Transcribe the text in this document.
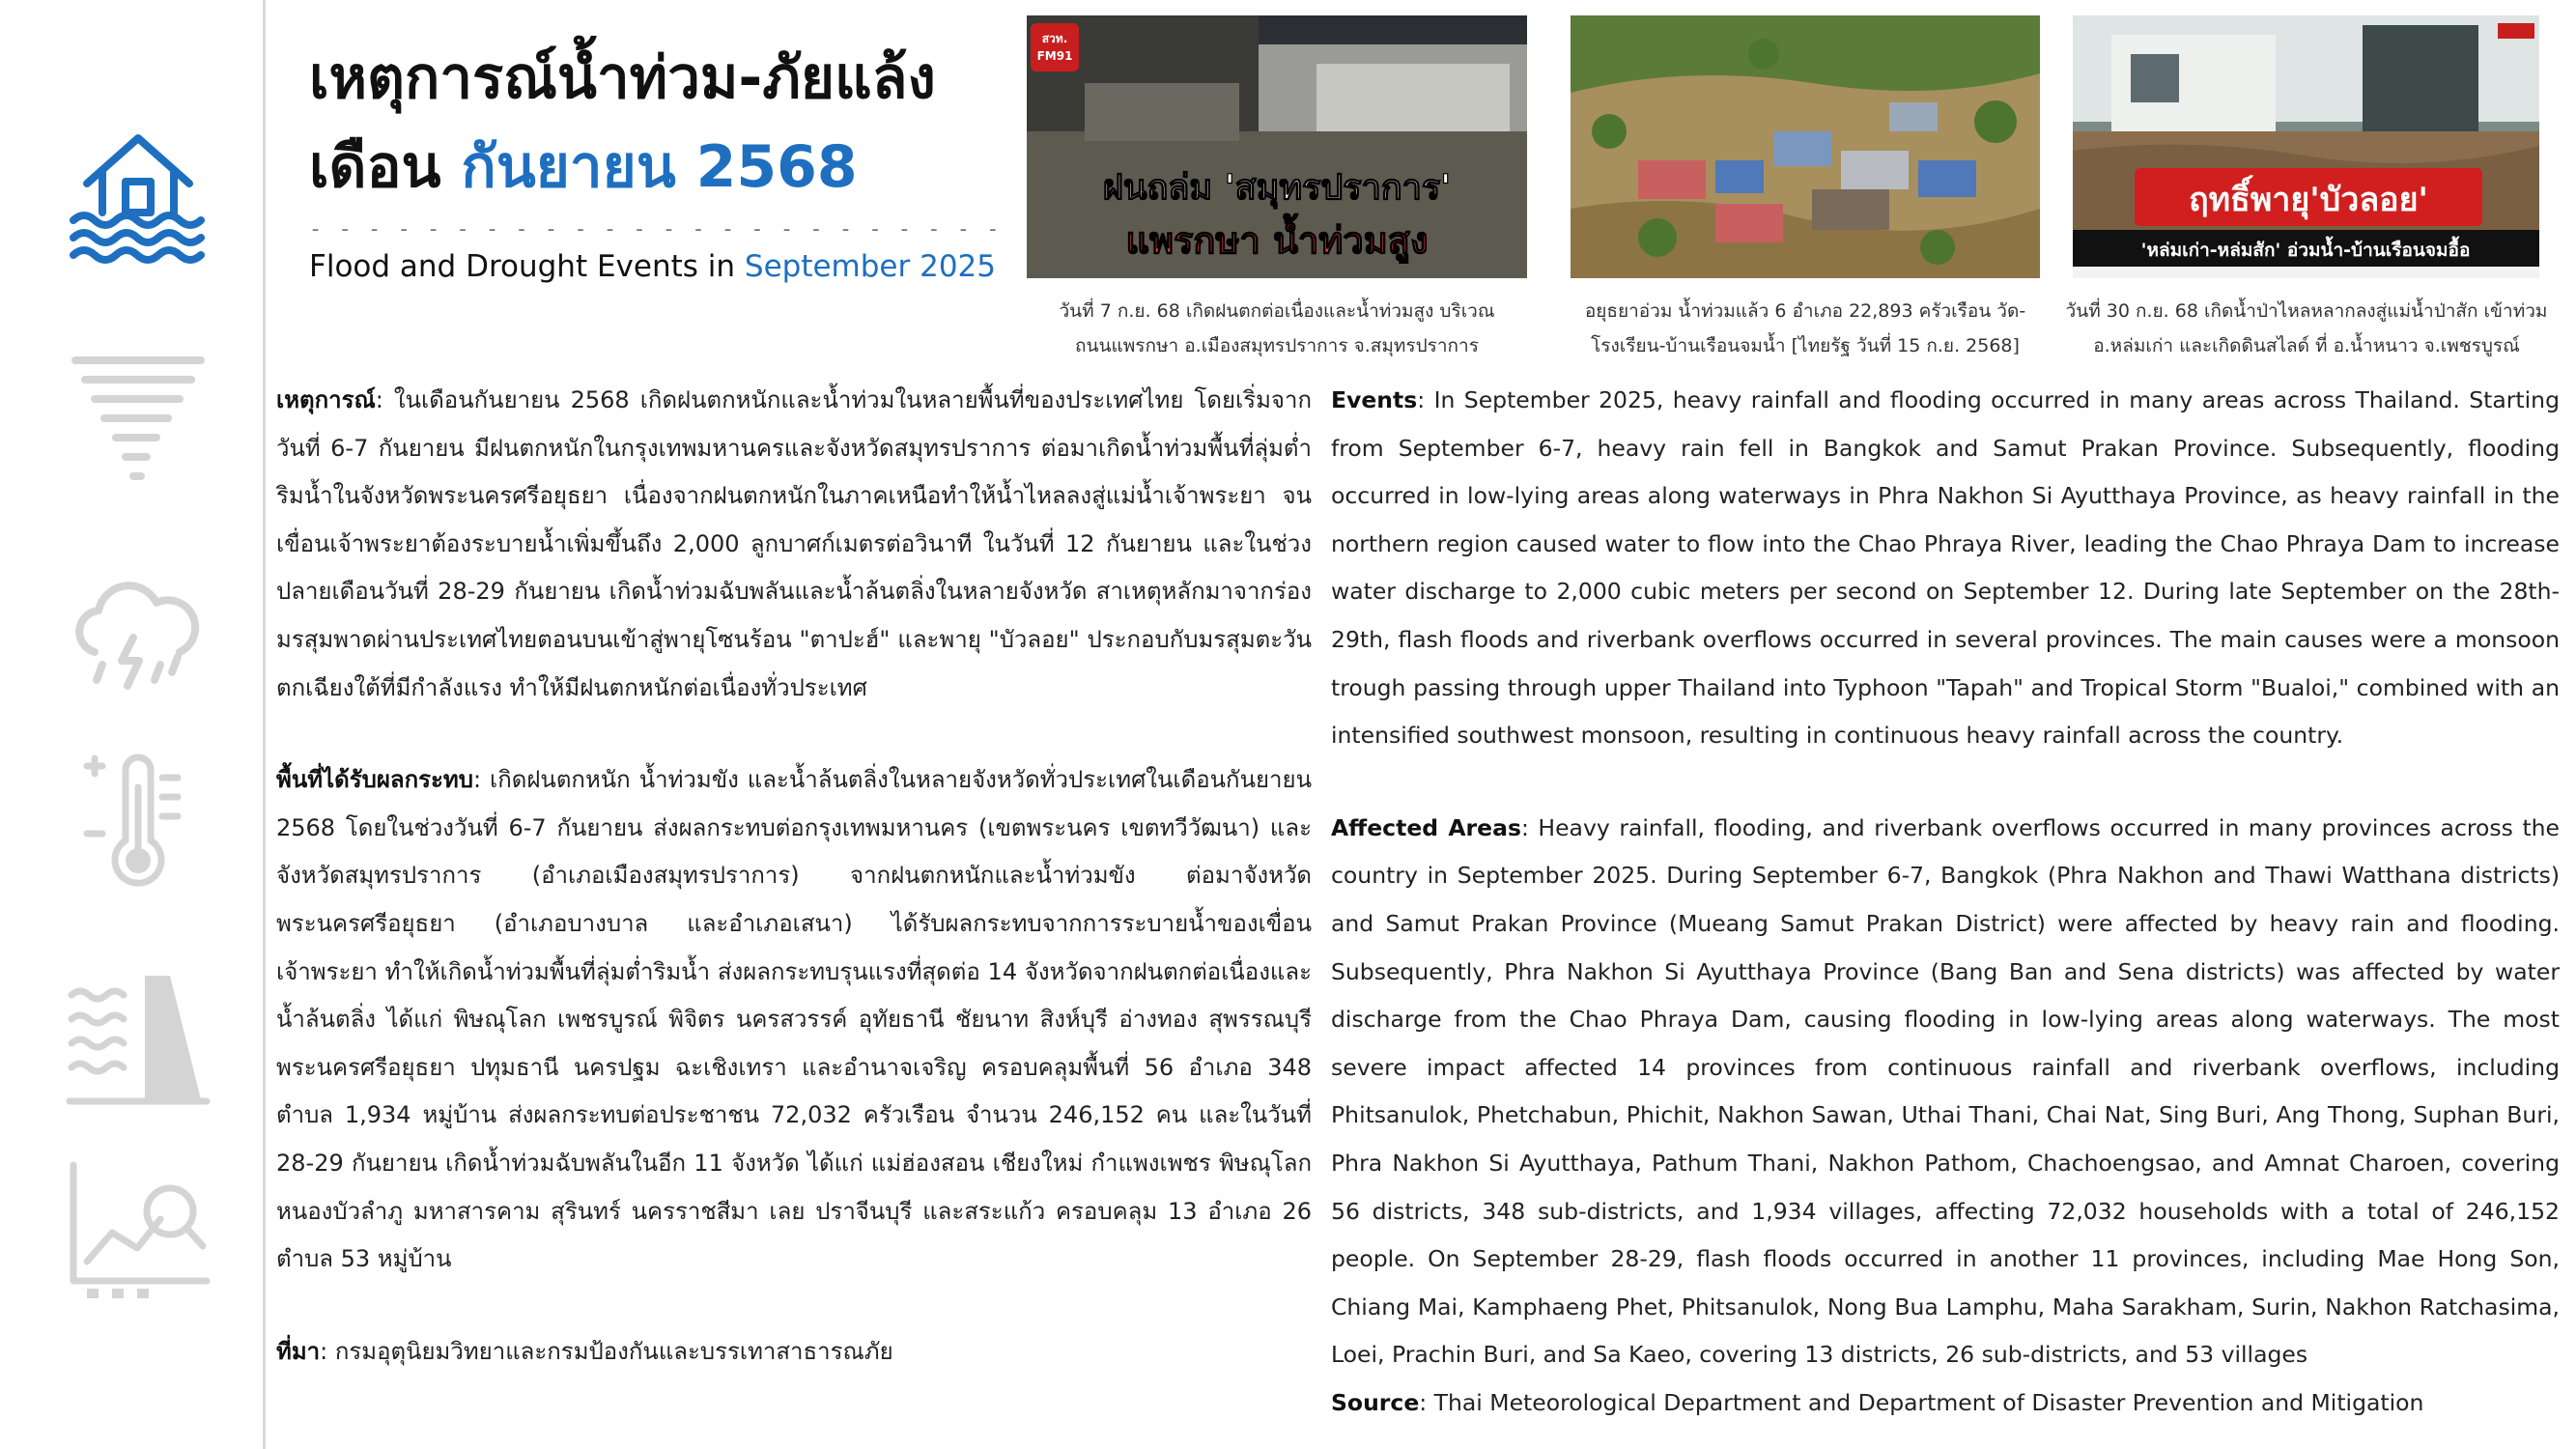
เหตุการณ์น้ำท่วม-ภัยแล้ง
เดือน กันยายน 2568
- - - - - - - - - - - - - - - - - - - - - - - -
Flood and Drought Events in September 2025
สวท.
FM91
ฝนถล่ม 'สมุทรปราการ'
แพรกษา น้ำท่วมสูง
วันที่ 7 ก.ย. 68 เกิดฝนตกต่อเนื่องและน้ำท่วมสูง บริเวณ
ถนนแพรกษา อ.เมืองสมุทรปราการ จ.สมุทรปราการ
อยุธยาอ่วม น้ำท่วมแล้ว 6 อำเภอ 22,893 ครัวเรือน วัด-
โรงเรียน-บ้านเรือนจมน้ำ [ไทยรัฐ วันที่ 15 ก.ย. 2568]
ฤทธิ์พายุ'บัวลอย'
'หล่มเก่า-หล่มสัก' อ่วมน้ำ-บ้านเรือนจมอื้อ
วันที่ 30 ก.ย. 68 เกิดน้ำป่าไหลหลากลงสู่แม่น้ำป่าสัก เข้าท่วม
อ.หล่มเก่า และเกิดดินสไลด์ ที่ อ.น้ำหนาว จ.เพชรบูรณ์

เหตุการณ์: ในเดือนกันยายน 2568 เกิดฝนตกหนักและน้ำท่วมในหลายพื้นที่ของประเทศไทย โดยเริ่มจากวันที่ 6-7 กันยายน มีฝนตกหนักในกรุงเทพมหานครและจังหวัดสมุทรปราการ ต่อมาเกิดน้ำท่วมพื้นที่ลุ่มต่ำริมน้ำในจังหวัดพระนครศรีอยุธยา เนื่องจากฝนตกหนักในภาคเหนือทำให้น้ำไหลลงสู่แม่น้ำเจ้าพระยา จนเขื่อนเจ้าพระยาต้องระบายน้ำเพิ่มขึ้นถึง 2,000 ลูกบาศก์เมตรต่อวินาที ในวันที่ 12 กันยายน และในช่วงปลายเดือนวันที่ 28-29 กันยายน เกิดน้ำท่วมฉับพลันและน้ำล้นตลิ่งในหลายจังหวัด สาเหตุหลักมาจากร่องมรสุมพาดผ่านประเทศไทยตอนบนเข้าสู่พายุโซนร้อน "ตาปะฮ์" และพายุ "บัวลอย" ประกอบกับมรสุมตะวันตกเฉียงใต้ที่มีกำลังแรง ทำให้มีฝนตกหนักต่อเนื่องทั่วประเทศ

พื้นที่ได้รับผลกระทบ: เกิดฝนตกหนัก น้ำท่วมขัง และน้ำล้นตลิ่งในหลายจังหวัดทั่วประเทศในเดือนกันยายน 2568 โดยในช่วงวันที่ 6-7 กันยายน ส่งผลกระทบต่อกรุงเทพมหานคร (เขตพระนคร เขตทวีวัฒนา) และจังหวัดสมุทรปราการ (อำเภอเมืองสมุทรปราการ) จากฝนตกหนักและน้ำท่วมขัง ต่อมาจังหวัดพระนครศรีอยุธยา (อำเภอบางบาล และอำเภอเสนา) ได้รับผลกระทบจากการระบายน้ำของเขื่อนเจ้าพระยา ทำให้เกิดน้ำท่วมพื้นที่ลุ่มต่ำริมน้ำ ส่งผลกระทบรุนแรงที่สุดต่อ 14 จังหวัดจากฝนตกต่อเนื่องและน้ำล้นตลิ่ง ได้แก่ พิษณุโลก เพชรบูรณ์ พิจิตร นครสวรรค์ อุทัยธานี ชัยนาท สิงห์บุรี อ่างทอง สุพรรณบุรี พระนครศรีอยุธยา ปทุมธานี นครปฐม ฉะเชิงเทรา และอำนาจเจริญ ครอบคลุมพื้นที่ 56 อำเภอ 348 ตำบล 1,934 หมู่บ้าน ส่งผลกระทบต่อประชาชน 72,032 ครัวเรือน จำนวน 246,152 คน และในวันที่ 28-29 กันยายน เกิดน้ำท่วมฉับพลันในอีก 11 จังหวัด ได้แก่ แม่ฮ่องสอน เชียงใหม่ กำแพงเพชร พิษณุโลก หนองบัวลำภู มหาสารคาม สุรินทร์ นครราชสีมา เลย ปราจีนบุรี และสระแก้ว ครอบคลุม 13 อำเภอ 26 ตำบล 53 หมู่บ้าน

ที่มา: กรมอุตุนิยมวิทยาและกรมป้องกันและบรรเทาสาธารณภัย

Events: In September 2025, heavy rainfall and flooding occurred in many areas across Thailand. Starting from September 6-7, heavy rain fell in Bangkok and Samut Prakan Province. Subsequently, flooding occurred in low-lying areas along waterways in Phra Nakhon Si Ayutthaya Province, as heavy rainfall in the northern region caused water to flow into the Chao Phraya River, leading the Chao Phraya Dam to increase water discharge to 2,000 cubic meters per second on September 12. During late September on the 28th-29th, flash floods and riverbank overflows occurred in several provinces. The main causes were a monsoon trough passing through upper Thailand into Typhoon "Tapah" and Tropical Storm "Bualoi," combined with an intensified southwest monsoon, resulting in continuous heavy rainfall across the country.

Affected Areas: Heavy rainfall, flooding, and riverbank overflows occurred in many provinces across the country in September 2025. During September 6-7, Bangkok (Phra Nakhon and Thawi Watthana districts) and Samut Prakan Province (Mueang Samut Prakan District) were affected by heavy rain and flooding. Subsequently, Phra Nakhon Si Ayutthaya Province (Bang Ban and Sena districts) was affected by water discharge from the Chao Phraya Dam, causing flooding in low-lying areas along waterways. The most severe impact affected 14 provinces from continuous rainfall and riverbank overflows, including Phitsanulok, Phetchabun, Phichit, Nakhon Sawan, Uthai Thani, Chai Nat, Sing Buri, Ang Thong, Suphan Buri, Phra Nakhon Si Ayutthaya, Pathum Thani, Nakhon Pathom, Chachoengsao, and Amnat Charoen, covering 56 districts, 348 sub-districts, and 1,934 villages, affecting 72,032 households with a total of 246,152 people. On September 28-29, flash floods occurred in another 11 provinces, including Mae Hong Son, Chiang Mai, Kamphaeng Phet, Phitsanulok, Nong Bua Lamphu, Maha Sarakham, Surin, Nakhon Ratchasima, Loei, Prachin Buri, and Sa Kaeo, covering 13 districts, 26 sub-districts, and 53 villages

Source: Thai Meteorological Department and Department of Disaster Prevention and Mitigation
